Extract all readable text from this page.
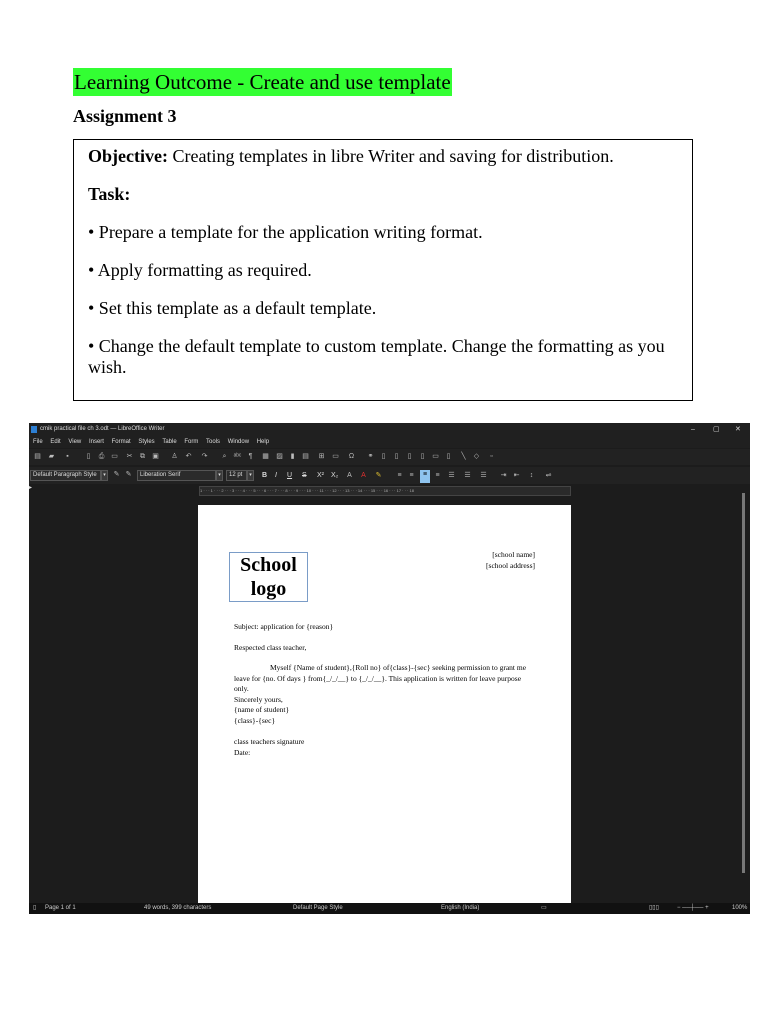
Learning Outcome - Create and use template
Assignment 3

Objective: Creating templates in libre Writer and saving for distribution.

Task:

• Prepare a template for the application writing format.

• Apply formatting as required.

• Set this template as a default template.

• Change the default template to custom template. Change the formatting as you wish.

cmik practical file ch 3.odt — LibreOffice Writer	–	▢ ✕
File Edit View Insert Format Styles Table Form Tools Window Help
▤ ▰	▪	▯	⎙ ▭ ✂ ⧉ ▣ ♙ ↶ ↷	⌕	ᵃᵇᶜ	¶	▦ ▨	▮	▤ ⊞ ▭ Ω ⚭	▯	▯	▯	▯	▭	▯	╲	◇	▫
Default Paragraph Style	▾	✎ ✎	Liberation Serif	▾	12 pt	▾	B I U S X² X₂	A	A	✎	≡	≡	≡	≡	☰ ☰ ☰ ⇥ ⇤	↕	⇌
▸	1 · · · 1 · · · 2 · · · 3 · · · 4 · · · 5 · · · 6 · · · 7 · · · 8 · · · 9 · · · 10 · · · 11 · · · 12 · · · 13 · · · 14 · · · 15 · · · 16 · · · 17 · · · 18
School
logo
[school name]
[school address]

Subject: application for {reason}

Respected class teacher,

Myself {Name of student},{Roll no} of{class}-{sec} seeking permission to grant me

leave for {no. Of days } from{_/_/__} to {_/_/__}. This application is written for leave purpose only.

Sincerely yours,

{name of student}

{class}-{sec}

class teachers signature

Date:

▯ Page 1 of 1	49 words, 399 characters	Default Page Style	English (India)	▭	▯▯▯	− ──┼── +	100%
